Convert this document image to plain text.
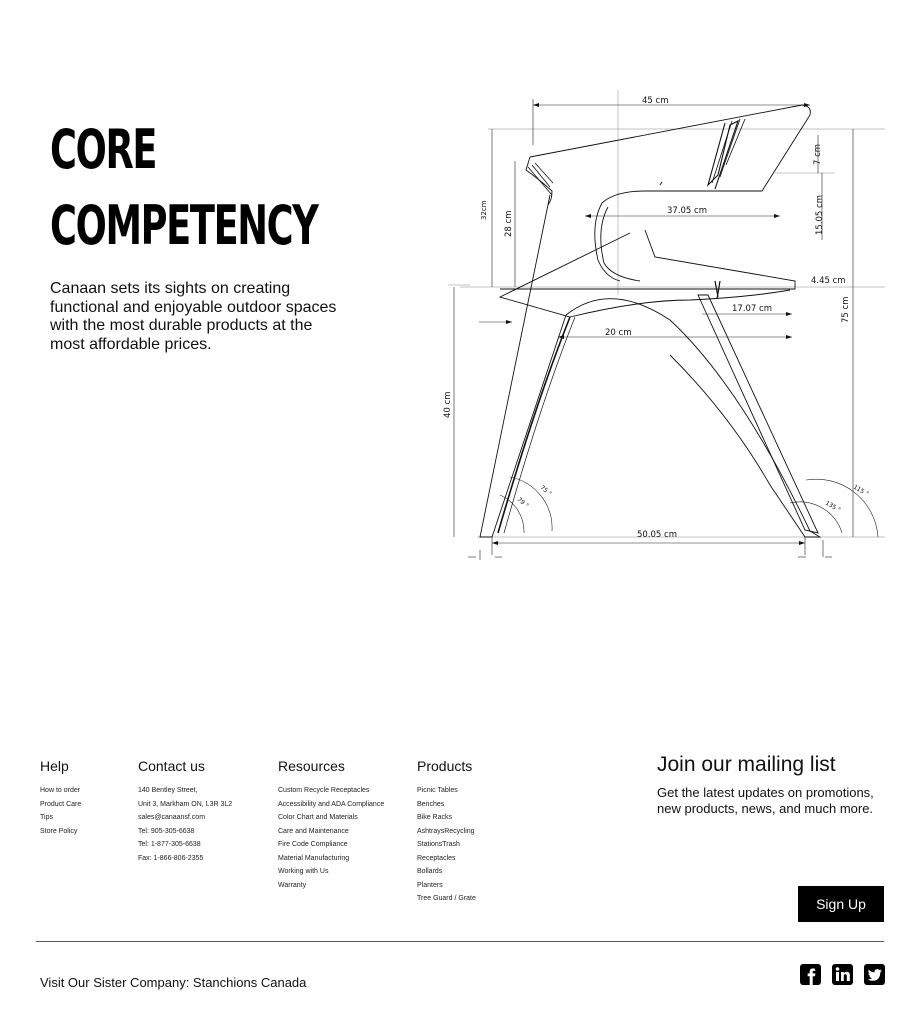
CORE
COMPETENCY

Canaan sets its sights on creating functional and enjoyable outdoor spaces with the most durable products at the most affordable prices.

45 cm
7 cm
32cm
28 cm	37.05 cm	15.05 cm
4.45 cm
17.07 cm	75 cm
20 cm
40 cm
75 °
79 °
115 °
135 °
50.05 cm
Help
How to order
Product Care
Tips
Store Policy
Contact us
140 Bentley Street,
Unit 3, Markham ON, L3R 3L2
sales@canaansf.com
Tel: 905-305-6638
Tel: 1-877-305-6638
Fax: 1-866-806-2355
Resources
Custom Recycle Receptacles
Accessibility and ADA Compliance
Color Chart and Materials
Care and Maintenance
Fire Code Compliance
Material Manufacturing
Working with Us
Warranty
Products
Picnic Tables
Benches
Bike Racks
AshtraysRecycling
StationsTrash
Receptacles
Bollards
Planters
Tree Guard / Grate
Join our mailing list
Get the latest updates on promotions, new products, news, and much more.
Sign Up
Visit Our Sister Company: Stanchions Canada
